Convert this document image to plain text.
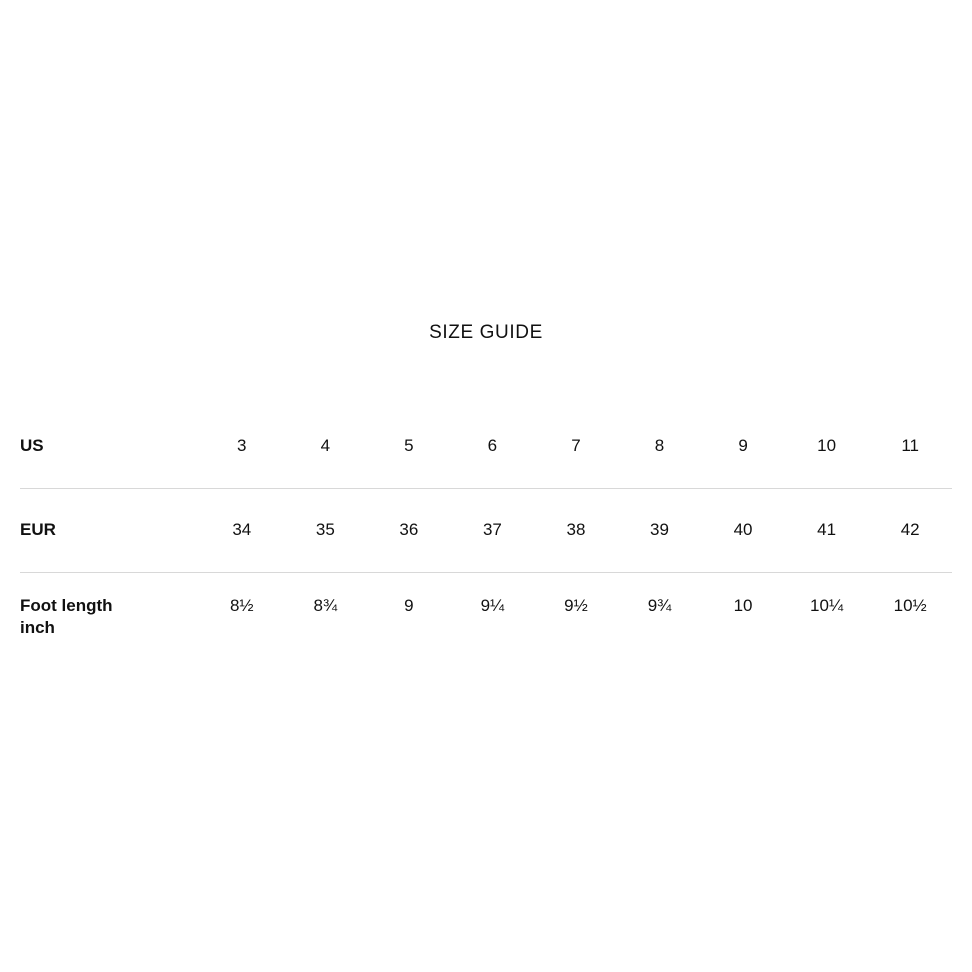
SIZE GUIDE
US	3	4	5	6	7	8	9	10	11

EUR	34	35	36	37	38	39	40	41	42

Foot length
inch	8½	8¾	9	9¼	9½	9¾	10	10¼	10½
